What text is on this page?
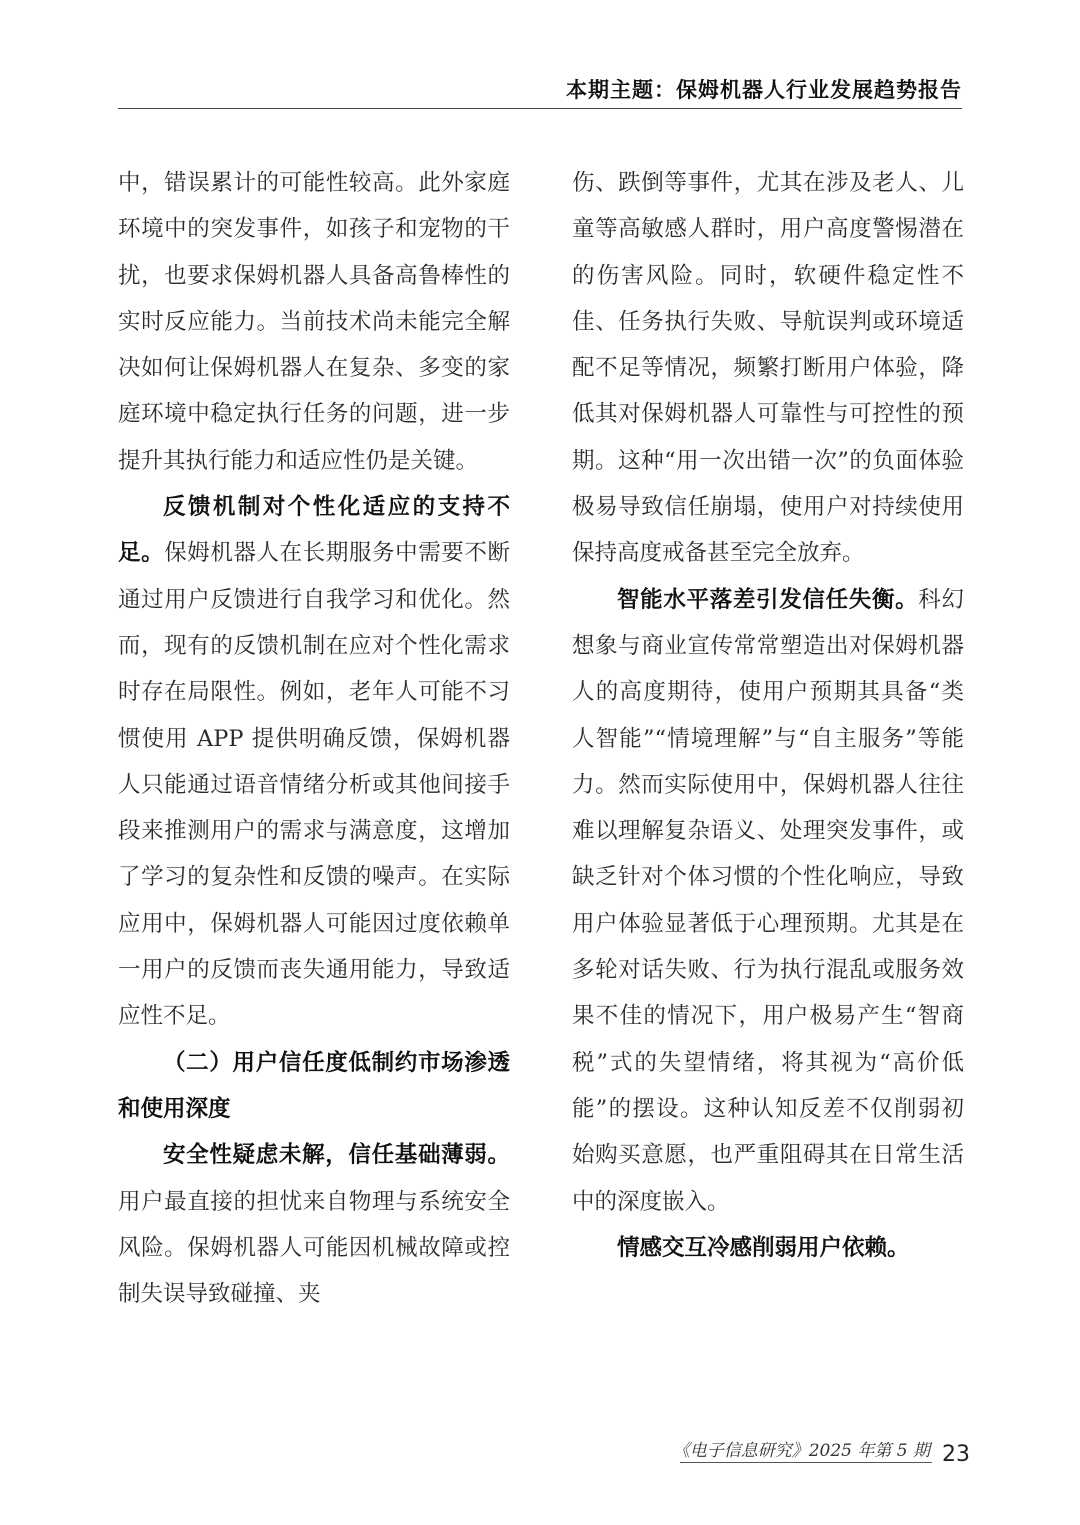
本期主题：保姆机器人行业发展趋势报告

中，错误累计的可能性较高。此外家庭环境中的突发事件，如孩子和宠物的干扰，也要求保姆机器人具备高鲁棒性的实时反应能力。当前技术尚未能完全解决如何让保姆机器人在复杂、多变的家庭环境中稳定执行任务的问题，进一步提升其执行能力和适应性仍是关键。

反馈机制对个性化适应的支持不足。保姆机器人在长期服务中需要不断通过用户反馈进行自我学习和优化。然而，现有的反馈机制在应对个性化需求时存在局限性。例如，老年人可能不习惯使用 APP 提供明确反馈，保姆机器人只能通过语音情绪分析或其他间接手段来推测用户的需求与满意度，这增加了学习的复杂性和反馈的噪声。在实际应用中，保姆机器人可能因过度依赖单一用户的反馈而丧失通用能力，导致适应性不足。

（二）用户信任度低制约市场渗透和使用深度

安全性疑虑未解，信任基础薄弱。用户最直接的担忧来自物理与系统安全风险。保姆机器人可能因机械故障或控制失误导致碰撞、夹

伤、跌倒等事件，尤其在涉及老人、儿童等高敏感人群时，用户高度警惕潜在的伤害风险。同时，软硬件稳定性不佳、任务执行失败、导航误判或环境适配不足等情况，频繁打断用户体验，降低其对保姆机器人可靠性与可控性的预期。这种“用一次出错一次”的负面体验极易导致信任崩塌，使用户对持续使用保持高度戒备甚至完全放弃。

智能水平落差引发信任失衡。科幻想象与商业宣传常常塑造出对保姆机器人的高度期待，使用户预期其具备“类人智能”“情境理解”与“自主服务”等能力。然而实际使用中，保姆机器人往往难以理解复杂语义、处理突发事件，或缺乏针对个体习惯的个性化响应，导致用户体验显著低于心理预期。尤其是在多轮对话失败、行为执行混乱或服务效果不佳的情况下，用户极易产生“智商税”式的失望情绪，将其视为“高价低能”的摆设。这种认知反差不仅削弱初始购买意愿，也严重阻碍其在日常生活中的深度嵌入。

情感交互冷感削弱用户依赖。

《电子信息研究》2025 年第 5 期 23
